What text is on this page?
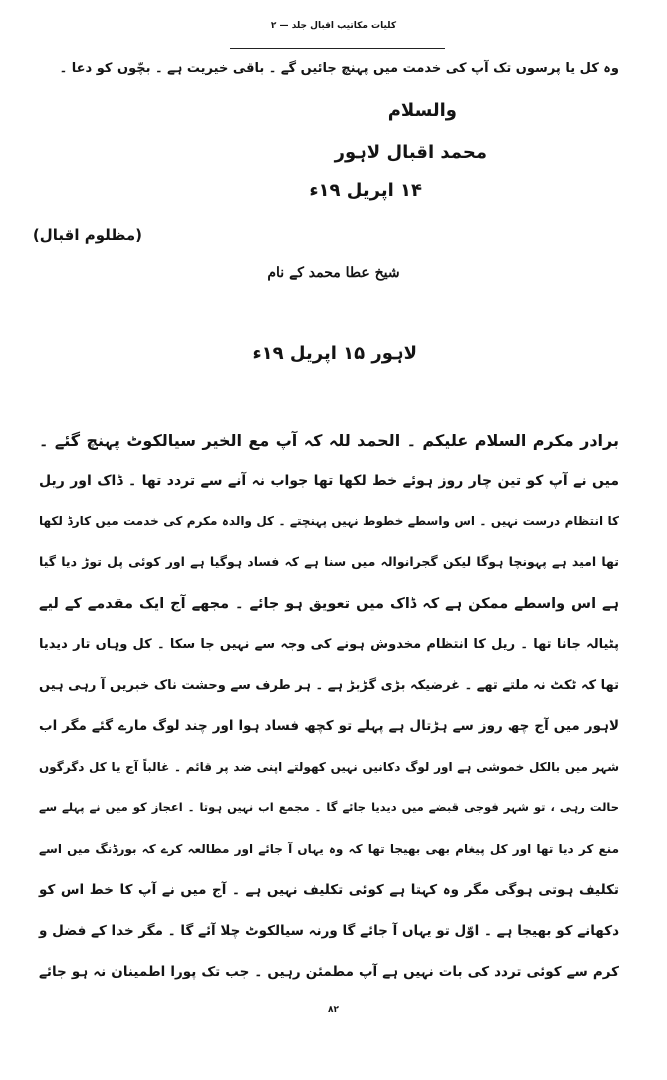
کلیات مکاتیب اقبال جلد — ۲
وہ کل یا پرسوں تک آپ کی خدمت میں پہنچ جائیں گے ۔ باقی خیریت ہے ۔ بچّوں کو دعا ۔
والسلام
محمد اقبال لاہور
۱۴ اپریل ۱۹ء
(مظلوم اقبال)
شیخ عطا محمد کے نام
لاہور ۱۵ اپریل ۱۹ء
برادر مکرم السلام علیکم ۔ الحمد للہ کہ آپ مع الخیر سیالکوٹ پہنچ گئے ۔
میں نے آپ کو تین چار روز ہوئے خط لکھا تھا جواب نہ آنے سے تردد تھا ۔ ڈاک اور ریل
کا انتظام درست نہیں ۔ اس واسطے خطوط نہیں پہنچتے ۔ کل والدہ مکرم کی خدمت میں کارڈ لکھا
تھا امید ہے پہونچا ہوگا لیکن گجرانوالہ میں سنا ہے کہ فساد ہوگیا ہے اور کوئی پل توڑ دیا گیا
ہے اس واسطے ممکن ہے کہ ڈاک میں تعویق ہو جائے ۔ مجھے آج ایک مقدمے کے لیے
پٹیالہ جانا تھا ۔ ریل کا انتظام مخدوش ہونے کی وجہ سے نہیں جا سکا ۔ کل وہاں تار دیدیا
تھا کہ ٹکٹ نہ ملتے تھے ۔ غرضیکہ بڑی گڑبڑ ہے ۔ ہر طرف سے وحشت ناک خبریں آ رہی ہیں
لاہور میں آج چھ روز سے ہڑتال ہے پہلے تو کچھ فساد ہوا اور چند لوگ مارے گئے مگر اب
شہر میں بالکل خموشی ہے اور لوگ دکانیں نہیں کھولتے اپنی ضد پر قائم ۔ غالباً آج یا کل دگرگوں
حالت رہی ، تو شہر فوجی قبضے میں دیدیا جائے گا ۔ مجمع اب نہیں ہوتا ۔ اعجاز کو میں نے پہلے سے
منع کر دیا تھا اور کل پیغام بھی بھیجا تھا کہ وہ یہاں آ جائے اور مطالعہ کرے کہ بورڈنگ میں اسے
تکلیف ہوتی ہوگی مگر وہ کہتا ہے کوئی تکلیف نہیں ہے ۔ آج میں نے آپ کا خط اس کو
دکھانے کو بھیجا ہے ۔ اوّل تو یہاں آ جائے گا ورنہ سیالکوٹ چلا آئے گا ۔ مگر خدا کے فضل و
کرم سے کوئی تردد کی بات نہیں ہے آپ مطمئن رہیں ۔ جب تک پورا اطمینان نہ ہو جائے
۸۲
